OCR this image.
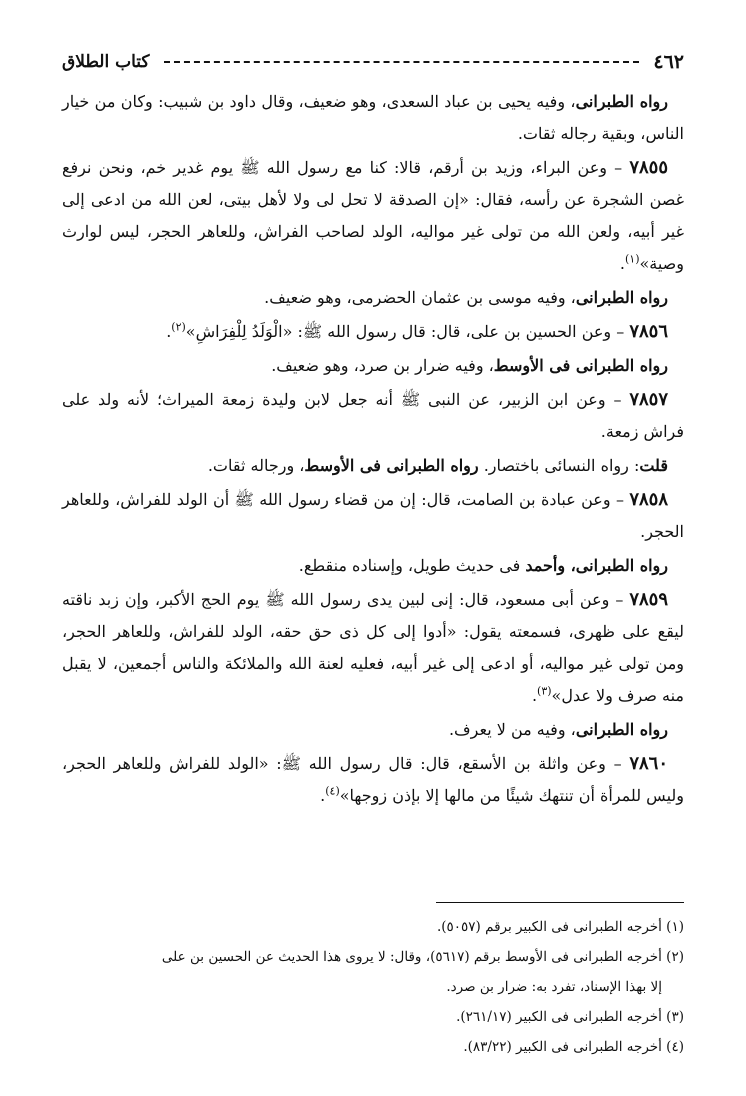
٤٦٢
كتاب الطلاق

رواه الطبرانى، وفيه يحيى بن عباد السعدى، وهو ضعيف، وقال داود بن شبيب: وكان من خيار الناس، وبقية رجاله ثقات.

٧٨٥٥ – وعن البراء، وزيد بن أرقم، قالا: كنا مع رسول الله ﷺ يوم غدير خم، ونحن نرفع غصن الشجرة عن رأسه، فقال: «إن الصدقة لا تحل لى ولا لأهل بيتى، لعن الله من ادعى إلى غير أبيه، ولعن الله من تولى غير مواليه، الولد لصاحب الفراش، وللعاهر الحجر، ليس لوارث وصية»$^{(١)}$.

رواه الطبرانى، وفيه موسى بن عثمان الحضرمى، وهو ضعيف.

٧٨٥٦ – وعن الحسين بن على، قال: قال رسول الله ﷺ: «الْوَلَدُ لِلْفِرَاشِ»$^{(٢)}$.

رواه الطبرانى فى الأوسط، وفيه ضرار بن صرد، وهو ضعيف.

٧٨٥٧ – وعن ابن الزبير، عن النبى ﷺ أنه جعل لابن وليدة زمعة الميراث؛ لأنه ولد على فراش زمعة.

قلت: رواه النسائى باختصار. رواه الطبرانى فى الأوسط، ورجاله ثقات.

٧٨٥٨ – وعن عبادة بن الصامت، قال: إن من قضاء رسول الله ﷺ أن الولد للفراش، وللعاهر الحجر.

رواه الطبرانى، وأحمد فى حديث طويل، وإسناده منقطع.

٧٨٥٩ – وعن أبى مسعود، قال: إنى لبين يدى رسول الله ﷺ يوم الحج الأكبر، وإن زبد ناقته ليقع على ظهرى، فسمعته يقول: «أدوا إلى كل ذى حق حقه، الولد للفراش، وللعاهر الحجر، ومن تولى غير مواليه، أو ادعى إلى غير أبيه، فعليه لعنة الله والملائكة والناس أجمعين، لا يقبل منه صرف ولا عدل»$^{(٣)}$.

رواه الطبرانى، وفيه من لا يعرف.

٧٨٦٠ – وعن واثلة بن الأسقع، قال: قال رسول الله ﷺ: «الولد للفراش وللعاهر الحجر، وليس للمرأة أن تنتهك شيئًا من مالها إلا بإذن زوجها»$^{(٤)}$.

(١) أخرجه الطبرانى فى الكبير برقم (٥٠٥٧).

(٢) أخرجه الطبرانى فى الأوسط برقم (٥٦١٧)، وقال: لا يروى هذا الحديث عن الحسين بن على

إلا بهذا الإسناد، تفرد به: ضرار بن صرد.

(٣) أخرجه الطبرانى فى الكبير (٢٦١/١٧).

(٤) أخرجه الطبرانى فى الكبير (٨٣/٢٢).
